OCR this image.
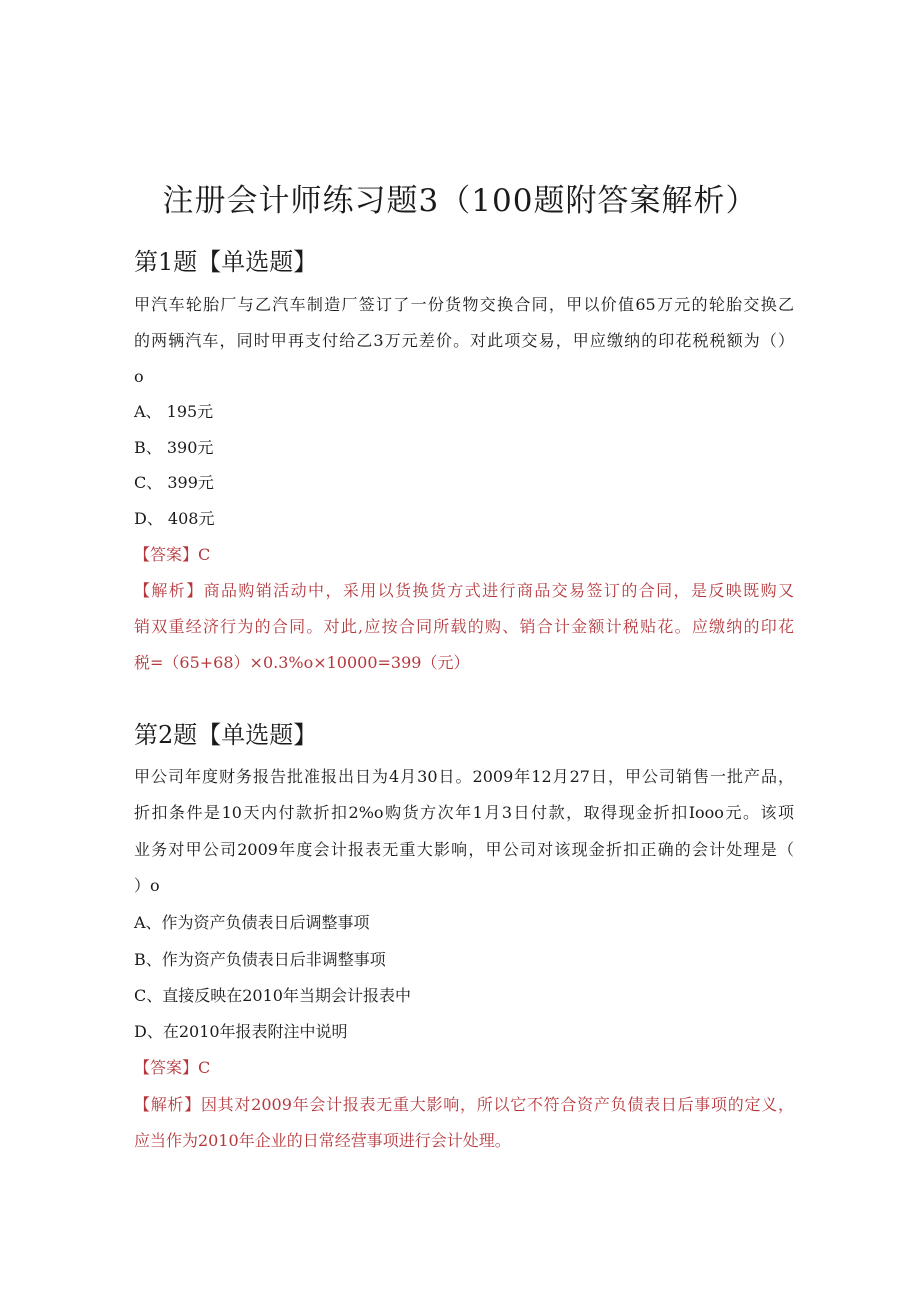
注册会计师练习题3（100题附答案解析）
第1题【单选题】
甲汽车轮胎厂与乙汽车制造厂签订了一份货物交换合同，甲以价值65万元的轮胎交换乙
的两辆汽车，同时甲再支付给乙3万元差价。对此项交易，甲应缴纳的印花税税额为（）
o
A、 195元
B、 390元
C、 399元
D、 408元
【答案】C
【解析】商品购销活动中，采用以货换货方式进行商品交易签订的合同，是反映既购又
销双重经济行为的合同。对此,应按合同所载的购、销合计金额计税贴花。应缴纳的印花
税=（65+68）×0.3%o×10000=399（元）
第2题【单选题】
甲公司年度财务报告批准报出日为4月30日。2009年12月27日，甲公司销售一批产品，
折扣条件是10天内付款折扣2%o购货方次年1月3日付款，取得现金折扣Iooo元。该项
业务对甲公司2009年度会计报表无重大影响，甲公司对该现金折扣正确的会计处理是（
）o
A、作为资产负债表日后调整事项
B、作为资产负债表日后非调整事项
C、直接反映在2010年当期会计报表中
D、在2010年报表附注中说明
【答案】C
【解析】因其对2009年会计报表无重大影响，所以它不符合资产负债表日后事项的定义，
应当作为2010年企业的日常经营事项进行会计处理。
